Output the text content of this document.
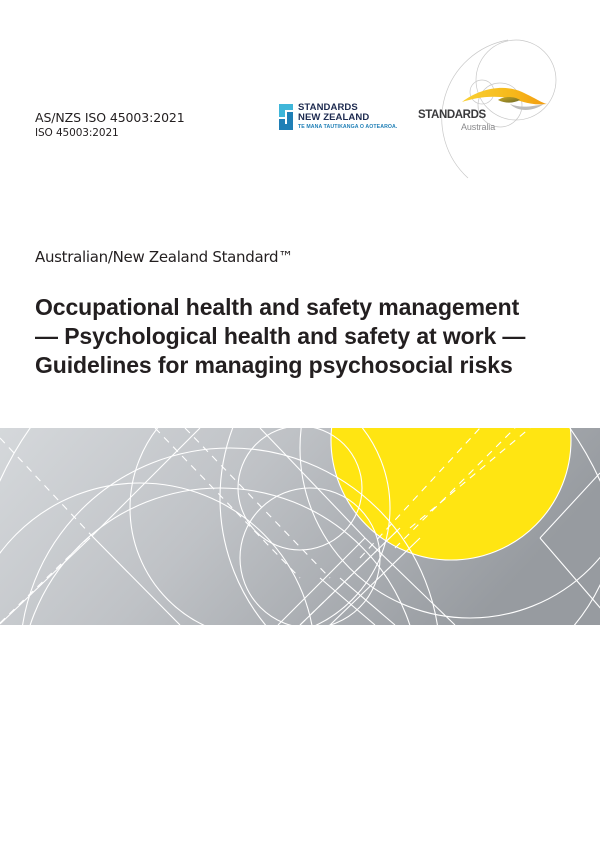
AS/NZS ISO 45003:2021
ISO 45003:2021
STANDARDS
NEW ZEALAND
TE MANA TAUTIKANGA O AOTEAROA.
STANDARDS
Australia
Australian/New Zealand Standard™
Occupational health and safety management
— Psychological health and safety at work —
Guidelines for managing psychosocial risks
